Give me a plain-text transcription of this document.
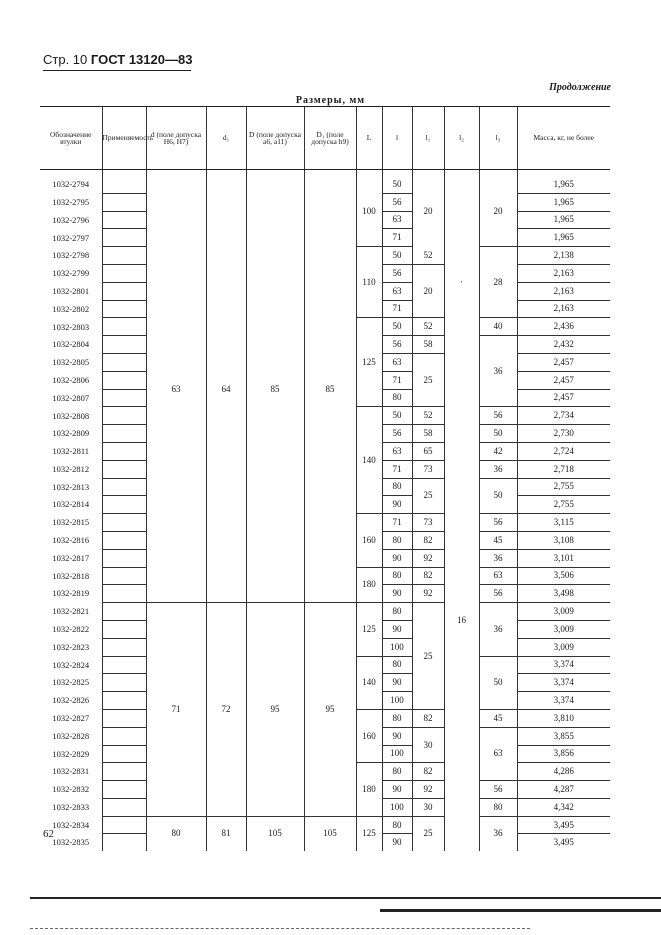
Стр. 10 ГОСТ 13120—83
Продолжение
Размеры, мм
Обозначение втулки	Применяемость	d (поле допуска H6, H7)	d₁	D (поле допуска a6, a11)	D₁ (поле допуска h9)	L	l	l₁	l₂	l₃	Масса, кг, не более

1032-2794		63	64	85	85	100	50	20	·	20	1,965
1032-2795							56				1,965
1032-2796							63				1,965
1032-2797							71				1,965
1032-2798						110	50	52		28	2,138
1032-2799							56	20			2,163
1032-2801							63				2,163
1032-2802							71				2,163
1032-2803						125	50	52		40	2,436
1032-2804							56	58		36	2,432
1032-2805							63	25			2,457
1032-2806							71				2,457
1032-2807							80		16		2,457
1032-2808						140	50	52		56	2,734
1032-2809							56	58		50	2,730
1032-2811							63	65		42	2,724
1032-2812							71	73		36	2,718
1032-2813							80	25		50	2,755
1032-2814							90				2,755
1032-2815						160	71	73		56	3,115
1032-2816							80	82		45	3,108
1032-2817							90	92		36	3,101
1032-2818						180	80	82		63	3,506
1032-2819							90	92		56	3,498
1032-2821		71	72	95	95	125	80	25		36	3,009
1032-2822							90				3,009
1032-2823							100				3,009
1032-2824						140	80			50	3,374
1032-2825							90				3,374
1032-2826							100				3,374
1032-2827						160	80	82		45	3,810
1032-2828							90	30		63	3,855
1032-2829							100				3,856
1032-2831						180	80	82			4,286
1032-2832							90	92		56	4,287
1032-2833							100	30		80	4,342
1032-2834		80	81	105	105	125	80	25		36	3,495
1032-2835							90				3,495
62
